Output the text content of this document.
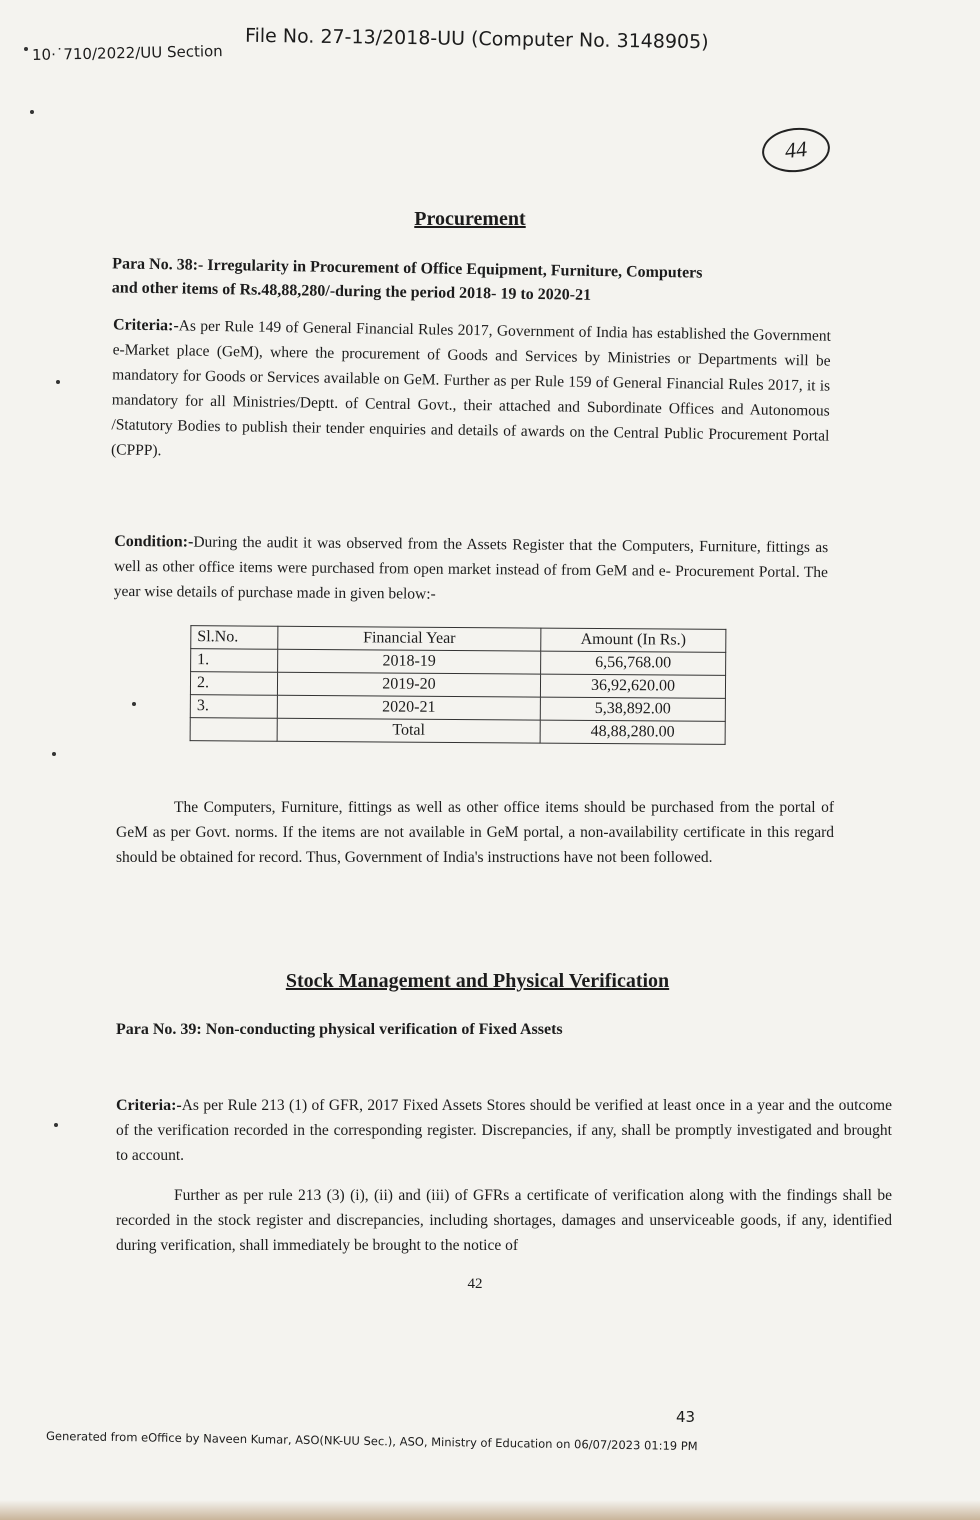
10·˙710/2022/UU Section File No. 27-13/2018-UU (Computer No. 3148905)
44
Procurement
Para No. 38:- Irregularity in Procurement of Office Equipment, Furniture, Computers
and other items of Rs.48,88,280/-during the period 2018- 19 to 2020-21
Criteria:-As per Rule 149 of General Financial Rules 2017, Government of India has established the Government e-Market place (GeM), where the procurement of Goods and Services by Ministries or Departments will be mandatory for Goods or Services available on GeM. Further as per Rule 159 of General Financial Rules 2017, it is mandatory for all Ministries/Deptt. of Central Govt., their attached and Subordinate Offices and Autonomous /Statutory Bodies to publish their tender enquiries and details of awards on the Central Public Procurement Portal (CPPP).
Condition:-During the audit it was observed from the Assets Register that the Computers, Furniture, fittings as well as other office items were purchased from open market instead of from GeM and e- Procurement Portal. The year wise details of purchase made in given below:-
Sl.No.	Financial Year	Amount (In Rs.)
1.	2018-19	6,56,768.00
2.	2019-20	36,92,620.00
3.	2020-21	5,38,892.00
	Total	48,88,280.00
The Computers, Furniture, fittings as well as other office items should be purchased from the portal of GeM as per Govt. norms. If the items are not available in GeM portal, a non-availability certificate in this regard should be obtained for record. Thus, Government of India's instructions have not been followed.
Stock Management and Physical Verification
Para No. 39: Non-conducting physical verification of Fixed Assets
Criteria:-As per Rule 213 (1) of GFR, 2017 Fixed Assets Stores should be verified at least once in a year and the outcome of the verification recorded in the corresponding register. Discrepancies, if any, shall be promptly investigated and brought to account.
Further as per rule 213 (3) (i), (ii) and (iii) of GFRs a certificate of verification along with the findings shall be recorded in the stock register and discrepancies, including shortages, damages and unserviceable goods, if any, identified during verification, shall immediately be brought to the notice of
42
43
Generated from eOffice by Naveen Kumar, ASO(NK-UU Sec.), ASO, Ministry of Education on 06/07/2023 01:19 PM
